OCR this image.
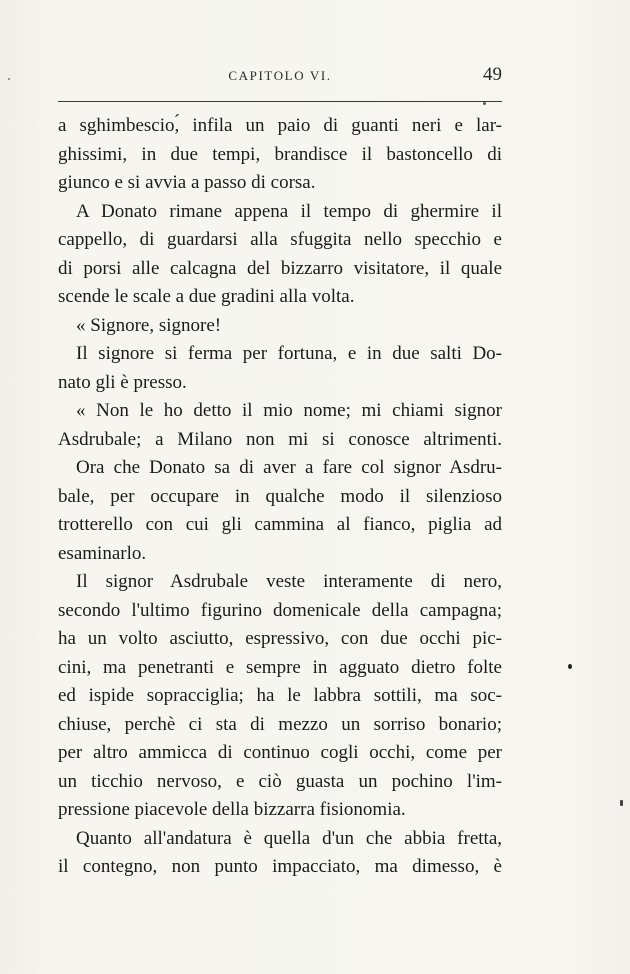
CAPITOLO VI.	49
a sghimbescio,́ infila un paio di guanti neri e lar-
ghissimi, in due tempi, brandisce il bastoncello di
giunco e si avvia a passo di corsa.
A Donato rimane appena il tempo di ghermire il
cappello, di guardarsi alla sfuggita nello specchio e
di porsi alle calcagna del bizzarro visitatore, il quale
scende le scale a due gradini alla volta.
« Signore, signore!
Il signore si ferma per fortuna, e in due salti Do-
nato gli è presso.
« Non le ho detto il mio nome; mi chiami signor
Asdrubale; a Milano non mi si conosce altrimenti.
Ora che Donato sa di aver a fare col signor Asdru-
bale, per occupare in qualche modo il silenzioso
trotterello con cui gli cammina al fianco, piglia ad
esaminarlo.
Il signor Asdrubale veste interamente di nero,
secondo l'ultimo figurino domenicale della campagna;
ha un volto asciutto, espressivo, con due occhi pic-
cini, ma penetranti e sempre in agguato dietro folte
ed ispide sopracciglia; ha le labbra sottili, ma soc-
chiuse, perchè ci sta di mezzo un sorriso bonario;
per altro ammicca di continuo cogli occhi, come per
un ticchio nervoso, e ciò guasta un pochino l'im-
pressione piacevole della bizzarra fisionomia.
Quanto all'andatura è quella d'un che abbia fretta,
il contegno, non punto impacciato, ma dimesso, è
